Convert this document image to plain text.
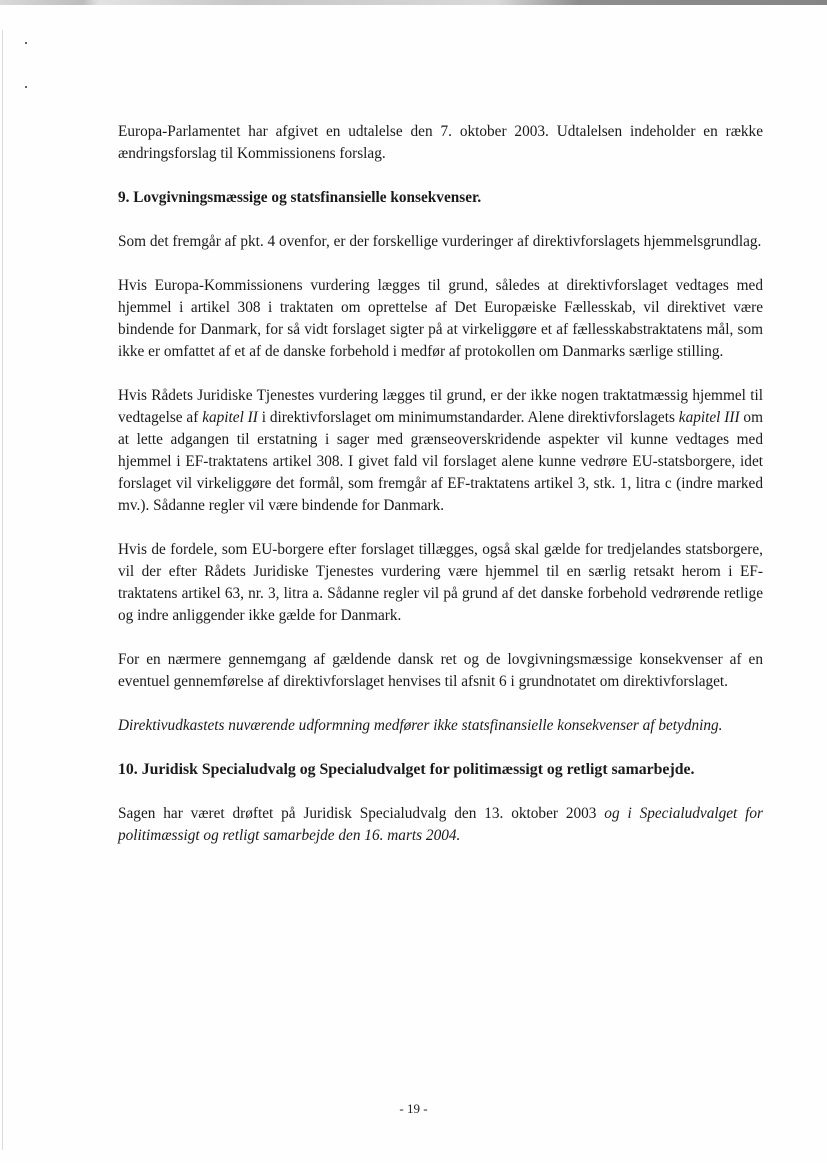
Europa-Parlamentet har afgivet en udtalelse den 7. oktober 2003. Udtalelsen indeholder en række ændringsforslag til Kommissionens forslag.

9. Lovgivningsmæssige og statsfinansielle konsekvenser.

Som det fremgår af pkt. 4 ovenfor, er der forskellige vurderinger af direktivforslagets hjemmelsgrundlag.

Hvis Europa-Kommissionens vurdering lægges til grund, således at direktivforslaget vedtages med hjemmel i artikel 308 i traktaten om oprettelse af Det Europæiske Fællesskab, vil direktivet være bindende for Danmark, for så vidt forslaget sigter på at virkeliggøre et af fællesskabstraktatens mål, som ikke er omfattet af et af de danske forbehold i medfør af protokollen om Danmarks særlige stilling.

Hvis Rådets Juridiske Tjenestes vurdering lægges til grund, er der ikke nogen traktatmæssig hjemmel til vedtagelse af kapitel II i direktivforslaget om minimumstandarder. Alene direktivforslagets kapitel III om at lette adgangen til erstatning i sager med grænseoverskridende aspekter vil kunne vedtages med hjemmel i EF-traktatens artikel 308. I givet fald vil forslaget alene kunne vedrøre EU-statsborgere, idet forslaget vil virkeliggøre det formål, som fremgår af EF-traktatens artikel 3, stk. 1, litra c (indre marked mv.). Sådanne regler vil være bindende for Danmark.

Hvis de fordele, som EU-borgere efter forslaget tillægges, også skal gælde for tredjelandes statsborgere, vil der efter Rådets Juridiske Tjenestes vurdering være hjemmel til en særlig retsakt herom i EF-traktatens artikel 63, nr. 3, litra a. Sådanne regler vil på grund af det danske forbehold vedrørende retlige og indre anliggender ikke gælde for Danmark.

For en nærmere gennemgang af gældende dansk ret og de lovgivningsmæssige konsekvenser af en eventuel gennemførelse af direktivforslaget henvises til afsnit 6 i grundnotatet om direktivforslaget.

Direktivudkastets nuværende udformning medfører ikke statsfinansielle konsekvenser af betydning.

10. Juridisk Specialudvalg og Specialudvalget for politimæssigt og retligt samarbejde.

Sagen har været drøftet på Juridisk Specialudvalg den 13. oktober 2003 og i Specialudvalget for politimæssigt og retligt samarbejde den 16. marts 2004.

- 19 -
